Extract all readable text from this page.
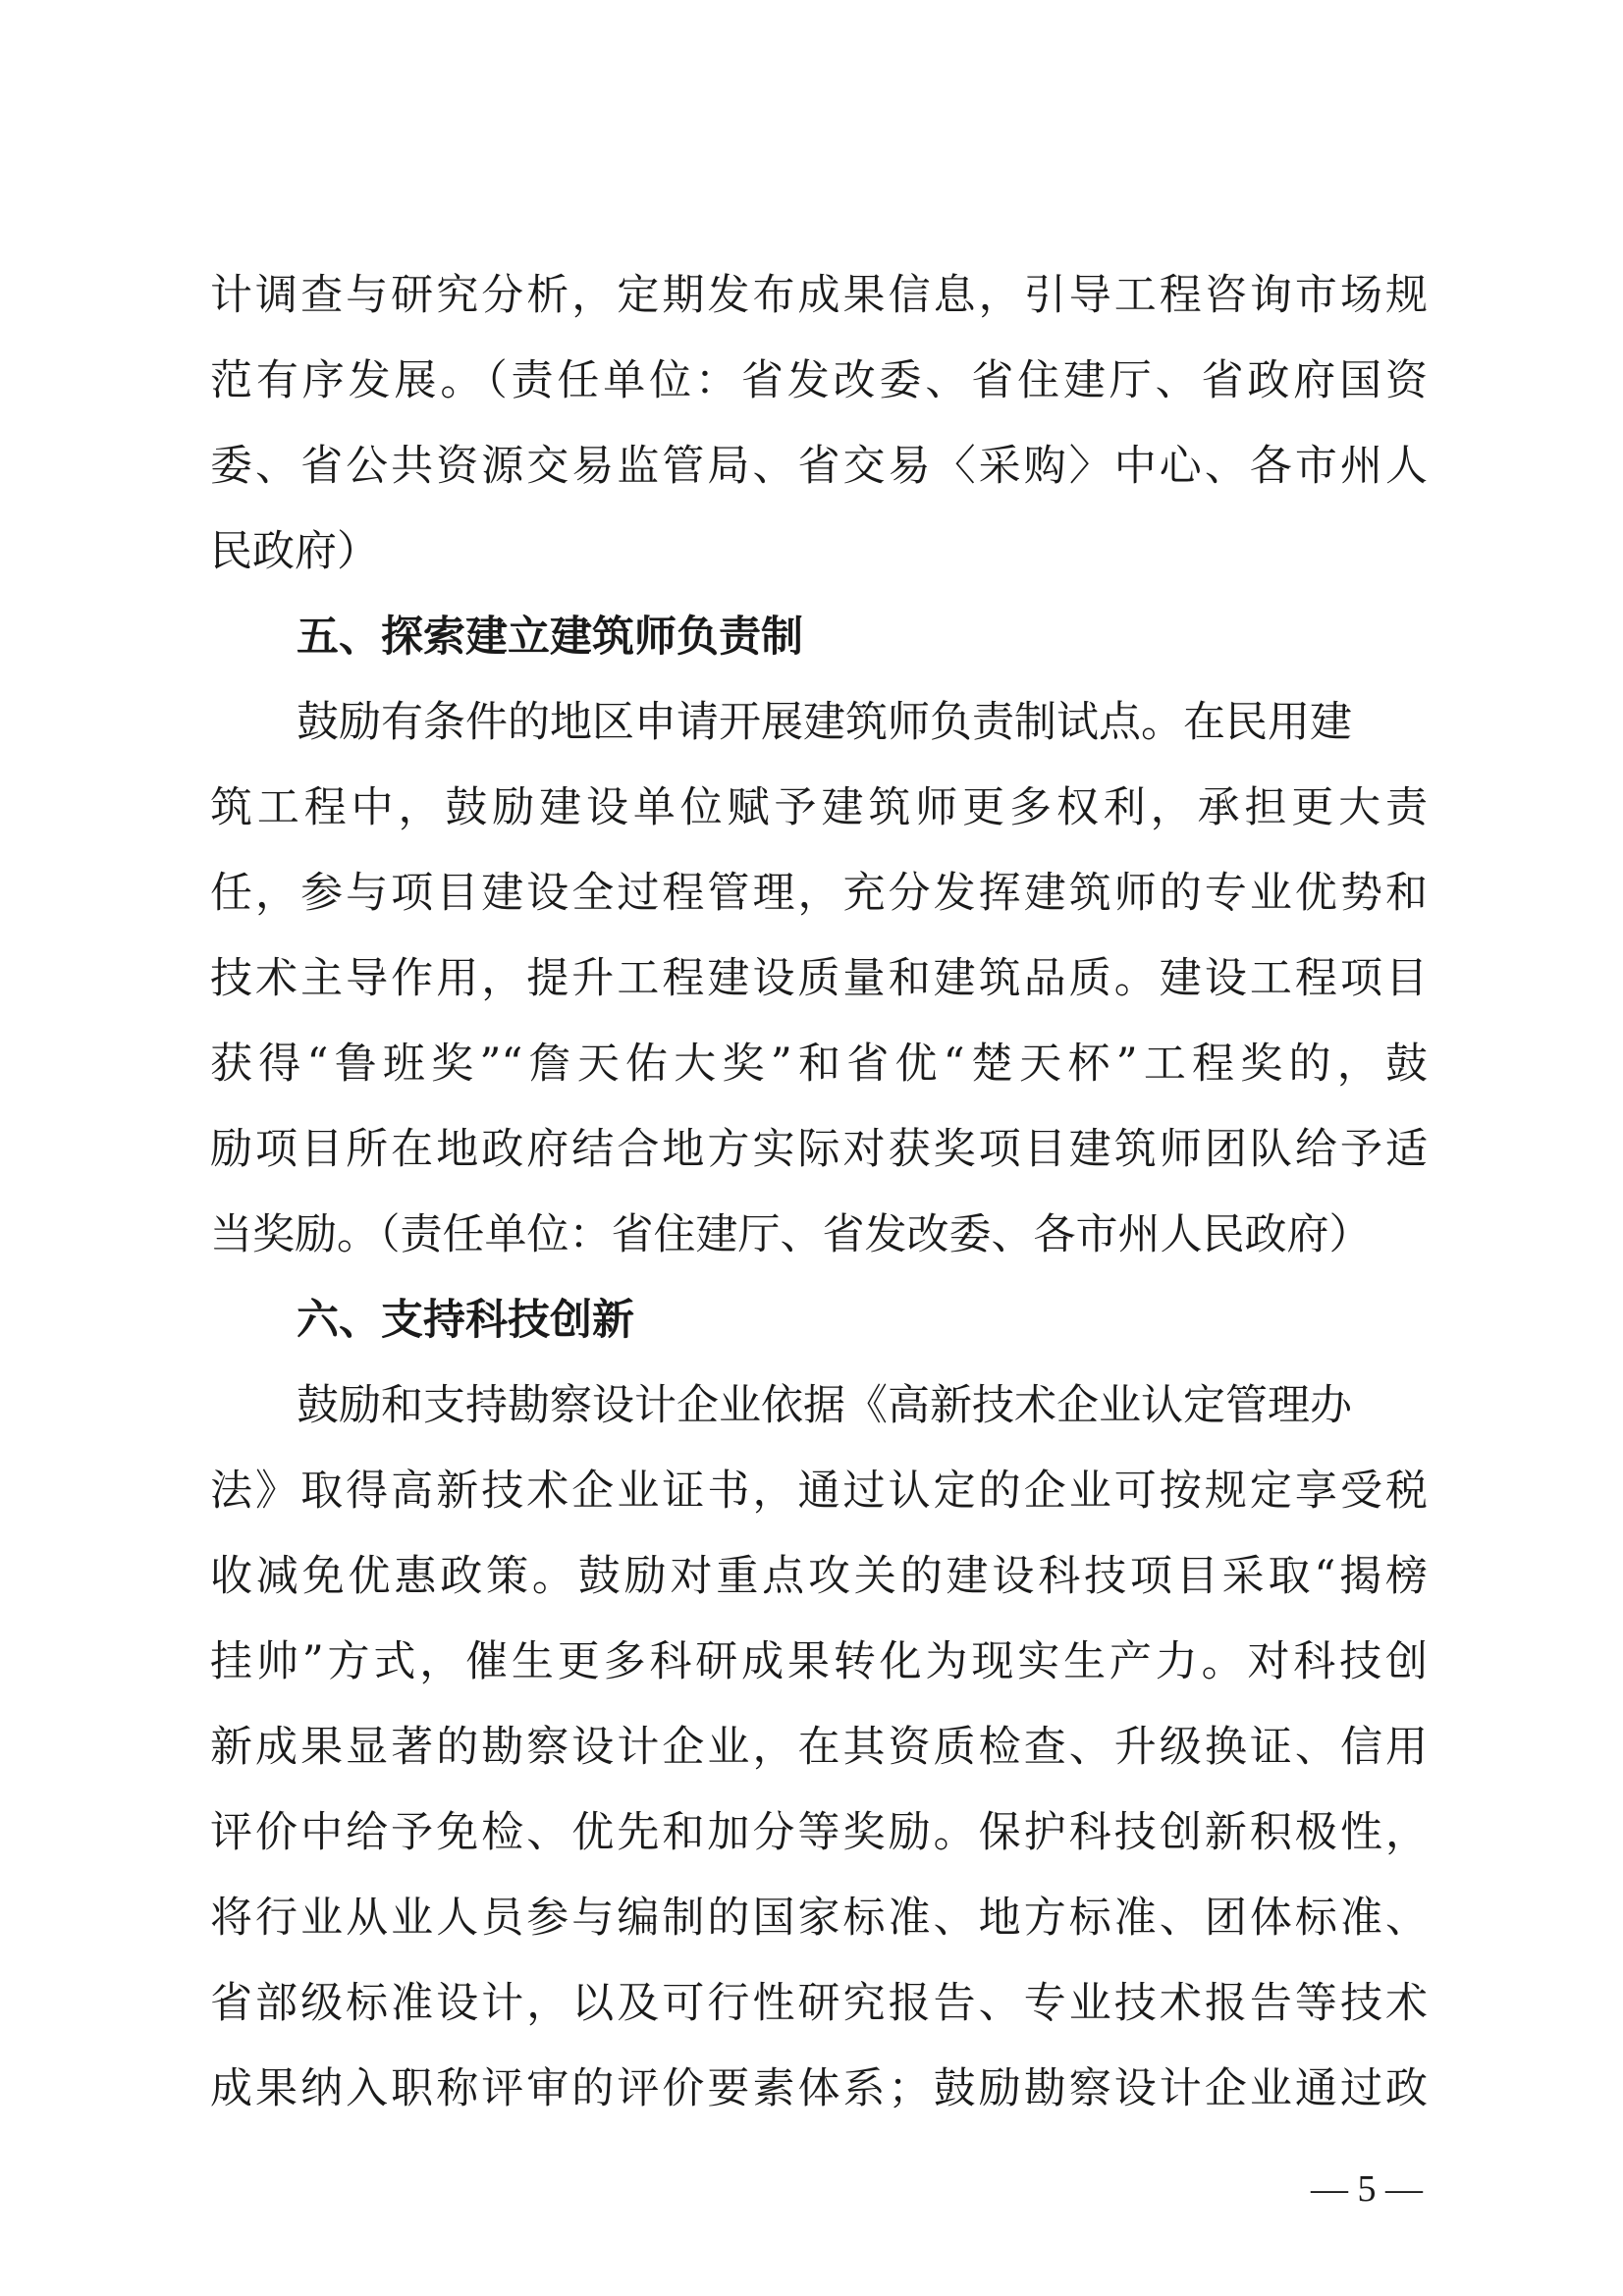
计调查与研究分析，定期发布成果信息，引导工程咨询市场规
范有序发展。（责任单位：省发改委、省住建厅、省政府国资
委、省公共资源交易监管局、省交易〈采购〉中心、各市州人
民政府）
五、探索建立建筑师负责制
鼓励有条件的地区申请开展建筑师负责制试点。在民用建
筑工程中，鼓励建设单位赋予建筑师更多权利，承担更大责
任，参与项目建设全过程管理，充分发挥建筑师的专业优势和
技术主导作用，提升工程建设质量和建筑品质。建设工程项目
获得“鲁班奖”“詹天佑大奖”和省优“楚天杯”工程奖的，鼓
励项目所在地政府结合地方实际对获奖项目建筑师团队给予适
当奖励。（责任单位：省住建厅、省发改委、各市州人民政府）
六、支持科技创新
鼓励和支持勘察设计企业依据《高新技术企业认定管理办
法》取得高新技术企业证书，通过认定的企业可按规定享受税
收减免优惠政策。鼓励对重点攻关的建设科技项目采取“揭榜
挂帅”方式，催生更多科研成果转化为现实生产力。对科技创
新成果显著的勘察设计企业，在其资质检查、升级换证、信用
评价中给予免检、优先和加分等奖励。保护科技创新积极性，
将行业从业人员参与编制的国家标准、地方标准、团体标准、
省部级标准设计，以及可行性研究报告、专业技术报告等技术
成果纳入职称评审的评价要素体系；鼓励勘察设计企业通过政
— 5 —
